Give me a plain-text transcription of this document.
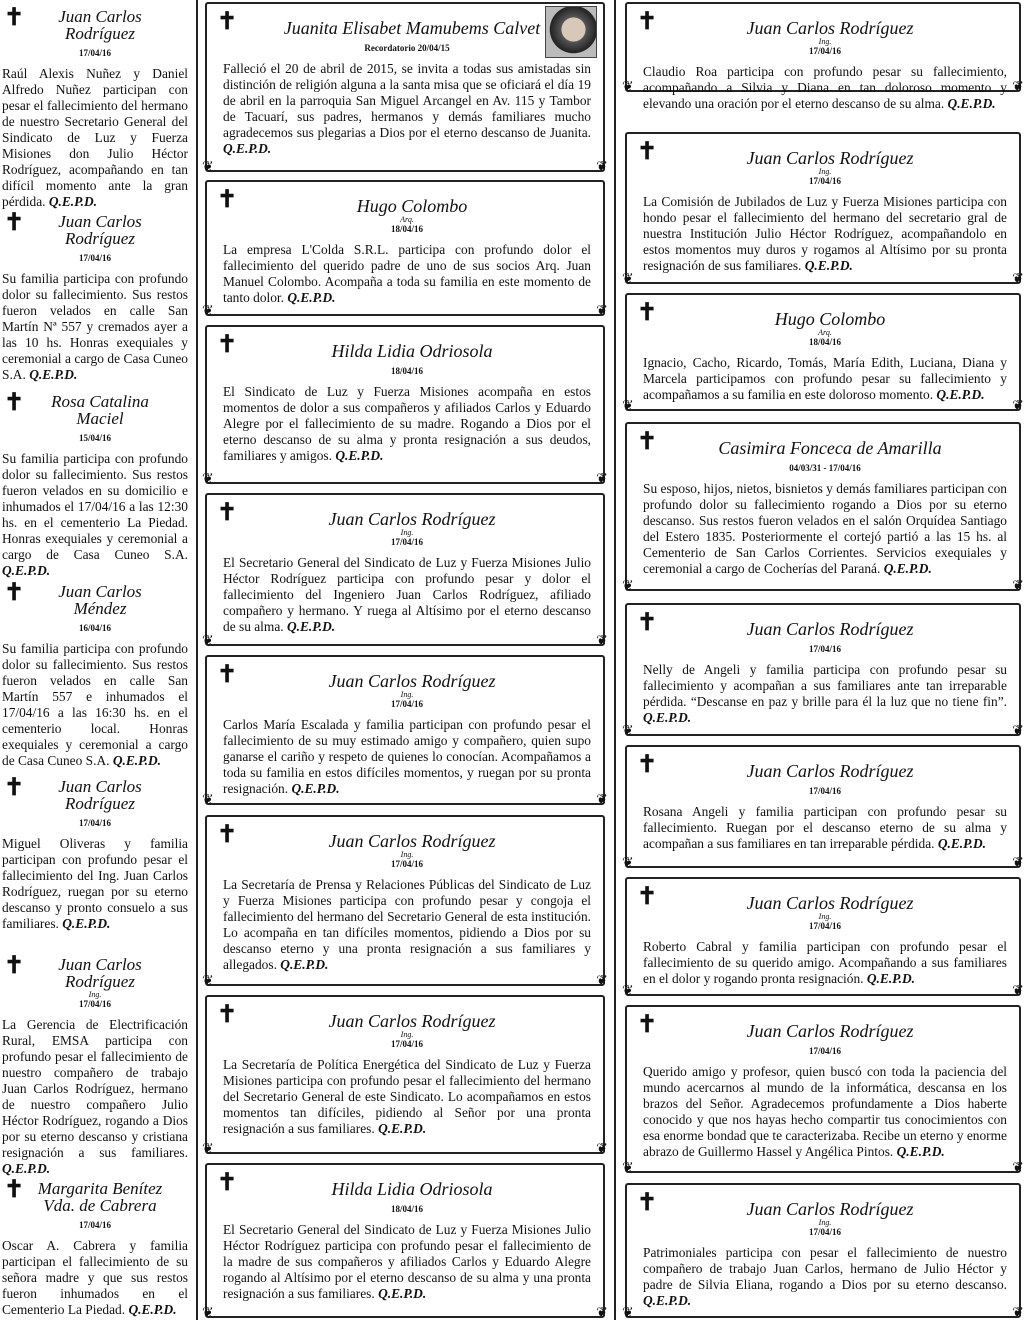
✝	Juan Carlos Rodríguez
17/04/16
Raúl Alexis Nuñez y Daniel Alfredo Nuñez participan con pesar el fallecimiento del hermano de nuestro Secretario General del Sindicato de Luz y Fuerza Misiones don Julio Héctor Rodríguez, acompañando en tan difícil momento ante la gran pérdida. Q.E.P.D.
✝	Juan Carlos Rodríguez
17/04/16
Su familia participa con profundo dolor su fallecimiento. Sus restos fueron velados en calle San Martín Nª 557 y cremados ayer a las 10 hs. Honras exequiales y ceremonial a cargo de Casa Cuneo S.A. Q.E.P.D.
✝	Rosa Catalina Maciel
15/04/16
Su familia participa con profundo dolor su fallecimiento. Sus restos fueron velados en su domicilio e inhumados el 17/04/16 a las 12:30 hs. en el cementerio La Piedad. Honras exequiales y ceremonial a cargo de Casa Cuneo S.A. Q.E.P.D.
✝	Juan Carlos Méndez
16/04/16
Su familia participa con profundo dolor su fallecimiento. Sus restos fueron velados en calle San Martín 557 e inhumados el 17/04/16 a las 16:30 hs. en el cementerio local. Honras exequiales y ceremonial a cargo de Casa Cuneo S.A. Q.E.P.D.
✝	Juan Carlos Rodríguez
17/04/16
Miguel Oliveras y familia participan con profundo pesar el fallecimiento del Ing. Juan Carlos Rodríguez, ruegan por su eterno descanso y pronto consuelo a sus familiares. Q.E.P.D.
✝	Juan Carlos Rodríguez
Ing.
17/04/16
La Gerencia de Electrificación Rural, EMSA participa con profundo pesar el fallecimiento de nuestro compañero de trabajo Juan Carlos Rodríguez, hermano de nuestro compañero Julio Héctor Rodríguez, rogando a Dios por su eterno descanso y cristiana resignación a sus familiares. Q.E.P.D.
✝ Margarita Benítez Vda. de Cabrera
17/04/16
Oscar A. Cabrera y familia participan el fallecimiento de su señora madre y que sus restos fueron inhumados en el Cementerio La Piedad. Q.E.P.D.
❦ ✝	Juanita Elisabet Mamubems Calvet
Recordatorio 20/04/15
Falleció el 20 de abril de 2015, se invita a todas sus amistadas sin distinción de religión alguna a la santa misa que se oficiará el día 19 de abril en la parroquia San Miguel Arcangel en Av. 115 y Tambor de Tacuarí, sus padres, hermanos y demás familiares mucho agradecemos sus plegarias a Dios por el eterno descanso de Juanita. Q.E.P.D.
❦
❦ ✝	Hugo Colombo
Arq.
18/04/16
La empresa L'Colda S.R.L. participa con profundo dolor el fallecimiento del querido padre de uno de sus socios Arq. Juan Manuel Colombo. Acompaña a toda su familia en este momento de tanto dolor. Q.E.P.D.
❦
❦ ✝	Hilda Lidia Odriosola
18/04/16
El Sindicato de Luz y Fuerza Misiones acompaña en estos momentos de dolor a sus compañeros y afiliados Carlos y Eduardo Alegre por el fallecimiento de su madre. Rogando a Dios por el eterno descanso de su alma y pronta resignación a sus deudos, familiares y amigos. Q.E.P.D.
❦
❦ ✝	Juan Carlos Rodríguez
Ing.
17/04/16
El Secretario General del Sindicato de Luz y Fuerza Misiones Julio Héctor Rodríguez participa con profundo pesar y dolor el fallecimiento del Ingeniero Juan Carlos Rodríguez, afiliado compañero y hermano. Y ruega al Altísimo por el eterno descanso de su alma. Q.E.P.D.
❦
❦ ✝	Juan Carlos Rodríguez
Ing.
17/04/16
Carlos María Escalada y familia participan con profundo pesar el fallecimiento de su muy estimado amigo y compañero, quien supo ganarse el cariño y respeto de quienes lo conocían. Acompañamos a toda su familia en estos difíciles momentos, y ruegan por su pronta resignación. Q.E.P.D.
❦
❦ ✝	Juan Carlos Rodríguez
Ing.
17/04/16
La Secretaría de Prensa y Relaciones Públicas del Sindicato de Luz y Fuerza Misiones participa con profundo pesar y congoja el fallecimiento del hermano del Secretario General de esta institución. Lo acompaña en tan difíciles momentos, pidiendo a Dios por su descanso eterno y una pronta resignación a sus familiares y allegados. Q.E.P.D.
❦
❦ ✝	Juan Carlos Rodríguez
Ing.
17/04/16
La Secretaría de Política Energética del Sindicato de Luz y Fuerza Misiones participa con profundo pesar el fallecimiento del hermano del Secretario General de este Sindicato. Lo acompañamos en estos momentos tan difíciles, pidiendo al Señor por una pronta resignación a sus familiares. Q.E.P.D.
❦
❦ ✝	Hilda Lidia Odriosola
18/04/16
El Secretario General del Sindicato de Luz y Fuerza Misiones Julio Héctor Rodríguez participa con profundo pesar el fallecimiento de la madre de sus compañeros y afiliados Carlos y Eduardo Alegre rogando al Altísimo por el eterno descanso de su alma y una pronta resignación a sus familiares. Q.E.P.D.
❦
❦ ✝	Juan Carlos Rodríguez
Ing.
17/04/16
Claudio Roa participa con profundo pesar su fallecimiento, acompañando a Silvia y Diana en tan doloroso momento y elevando una oración por el eterno descanso de su alma. Q.E.P.D.
❦
❦ ✝	Juan Carlos Rodríguez
Ing.
17/04/16
La Comisión de Jubilados de Luz y Fuerza Misiones participa con hondo pesar el fallecimiento del hermano del secretario gral de nuestra Institución Julio Héctor Rodríguez, acompañandolo en estos momentos muy duros y rogamos al Altísimo por su pronta resignación de sus familiares. Q.E.P.D.
❦
❦ ✝	Hugo Colombo
Arq.
18/04/16
Ignacio, Cacho, Ricardo, Tomás, María Edith, Luciana, Diana y Marcela participamos con profundo pesar su fallecimiento y acompañamos a su familia en este doloroso momento. Q.E.P.D.
❦
❦ ✝	Casimira Fonceca de Amarilla
04/03/31 - 17/04/16
Su esposo, hijos, nietos, bisnietos y demás familiares participan con profundo dolor su fallecimiento rogando a Dios por su eterno descanso. Sus restos fueron velados en el salón Orquídea Santiago del Estero 1835. Posteriormente el cortejó partió a las 15 hs. al Cementerio de San Carlos Corrientes. Servicios exequiales y ceremonial a cargo de Cocherías del Paraná. Q.E.P.D.
❦
❦ ✝	Juan Carlos Rodríguez
17/04/16
Nelly de Angeli y familia participa con profundo pesar su fallecimiento y acompañan a sus familiares ante tan irreparable pérdida. “Descanse en paz y brille para él la luz que no tiene fin”. Q.E.P.D.
❦
❦ ✝	Juan Carlos Rodríguez
17/04/16
Rosana Angeli y familia participan con profundo pesar su fallecimiento. Ruegan por el descanso eterno de su alma y acompañan a sus familiares en tan irreparable pérdida. Q.E.P.D.
❦
❦ ✝	Juan Carlos Rodríguez
Ing.
17/04/16
Roberto Cabral y familia participan con profundo pesar el fallecimiento de su querido amigo. Acompañando a sus familiares en el dolor y rogando pronta resignación. Q.E.P.D.
❦
❦ ✝	Juan Carlos Rodríguez
17/04/16
Querido amigo y profesor, quien buscó con toda la paciencia del mundo acercarnos al mundo de la informática, descansa en los brazos del Señor. Agradecemos profundamente a Dios haberte conocido y que nos hayas hecho compartir tus conocimientos con esa enorme bondad que te caracterizaba. Recibe un eterno y enorme abrazo de Guillermo Hassel y Angélica Pintos. Q.E.P.D.
❦
❦ ✝	Juan Carlos Rodríguez
Ing.
17/04/16
Patrimoniales participa con pesar el fallecimiento de nuestro compañero de trabajo Juan Carlos, hermano de Julio Héctor y padre de Silvia Eliana, rogando a Dios por su eterno descanso. Q.E.P.D.
❦
